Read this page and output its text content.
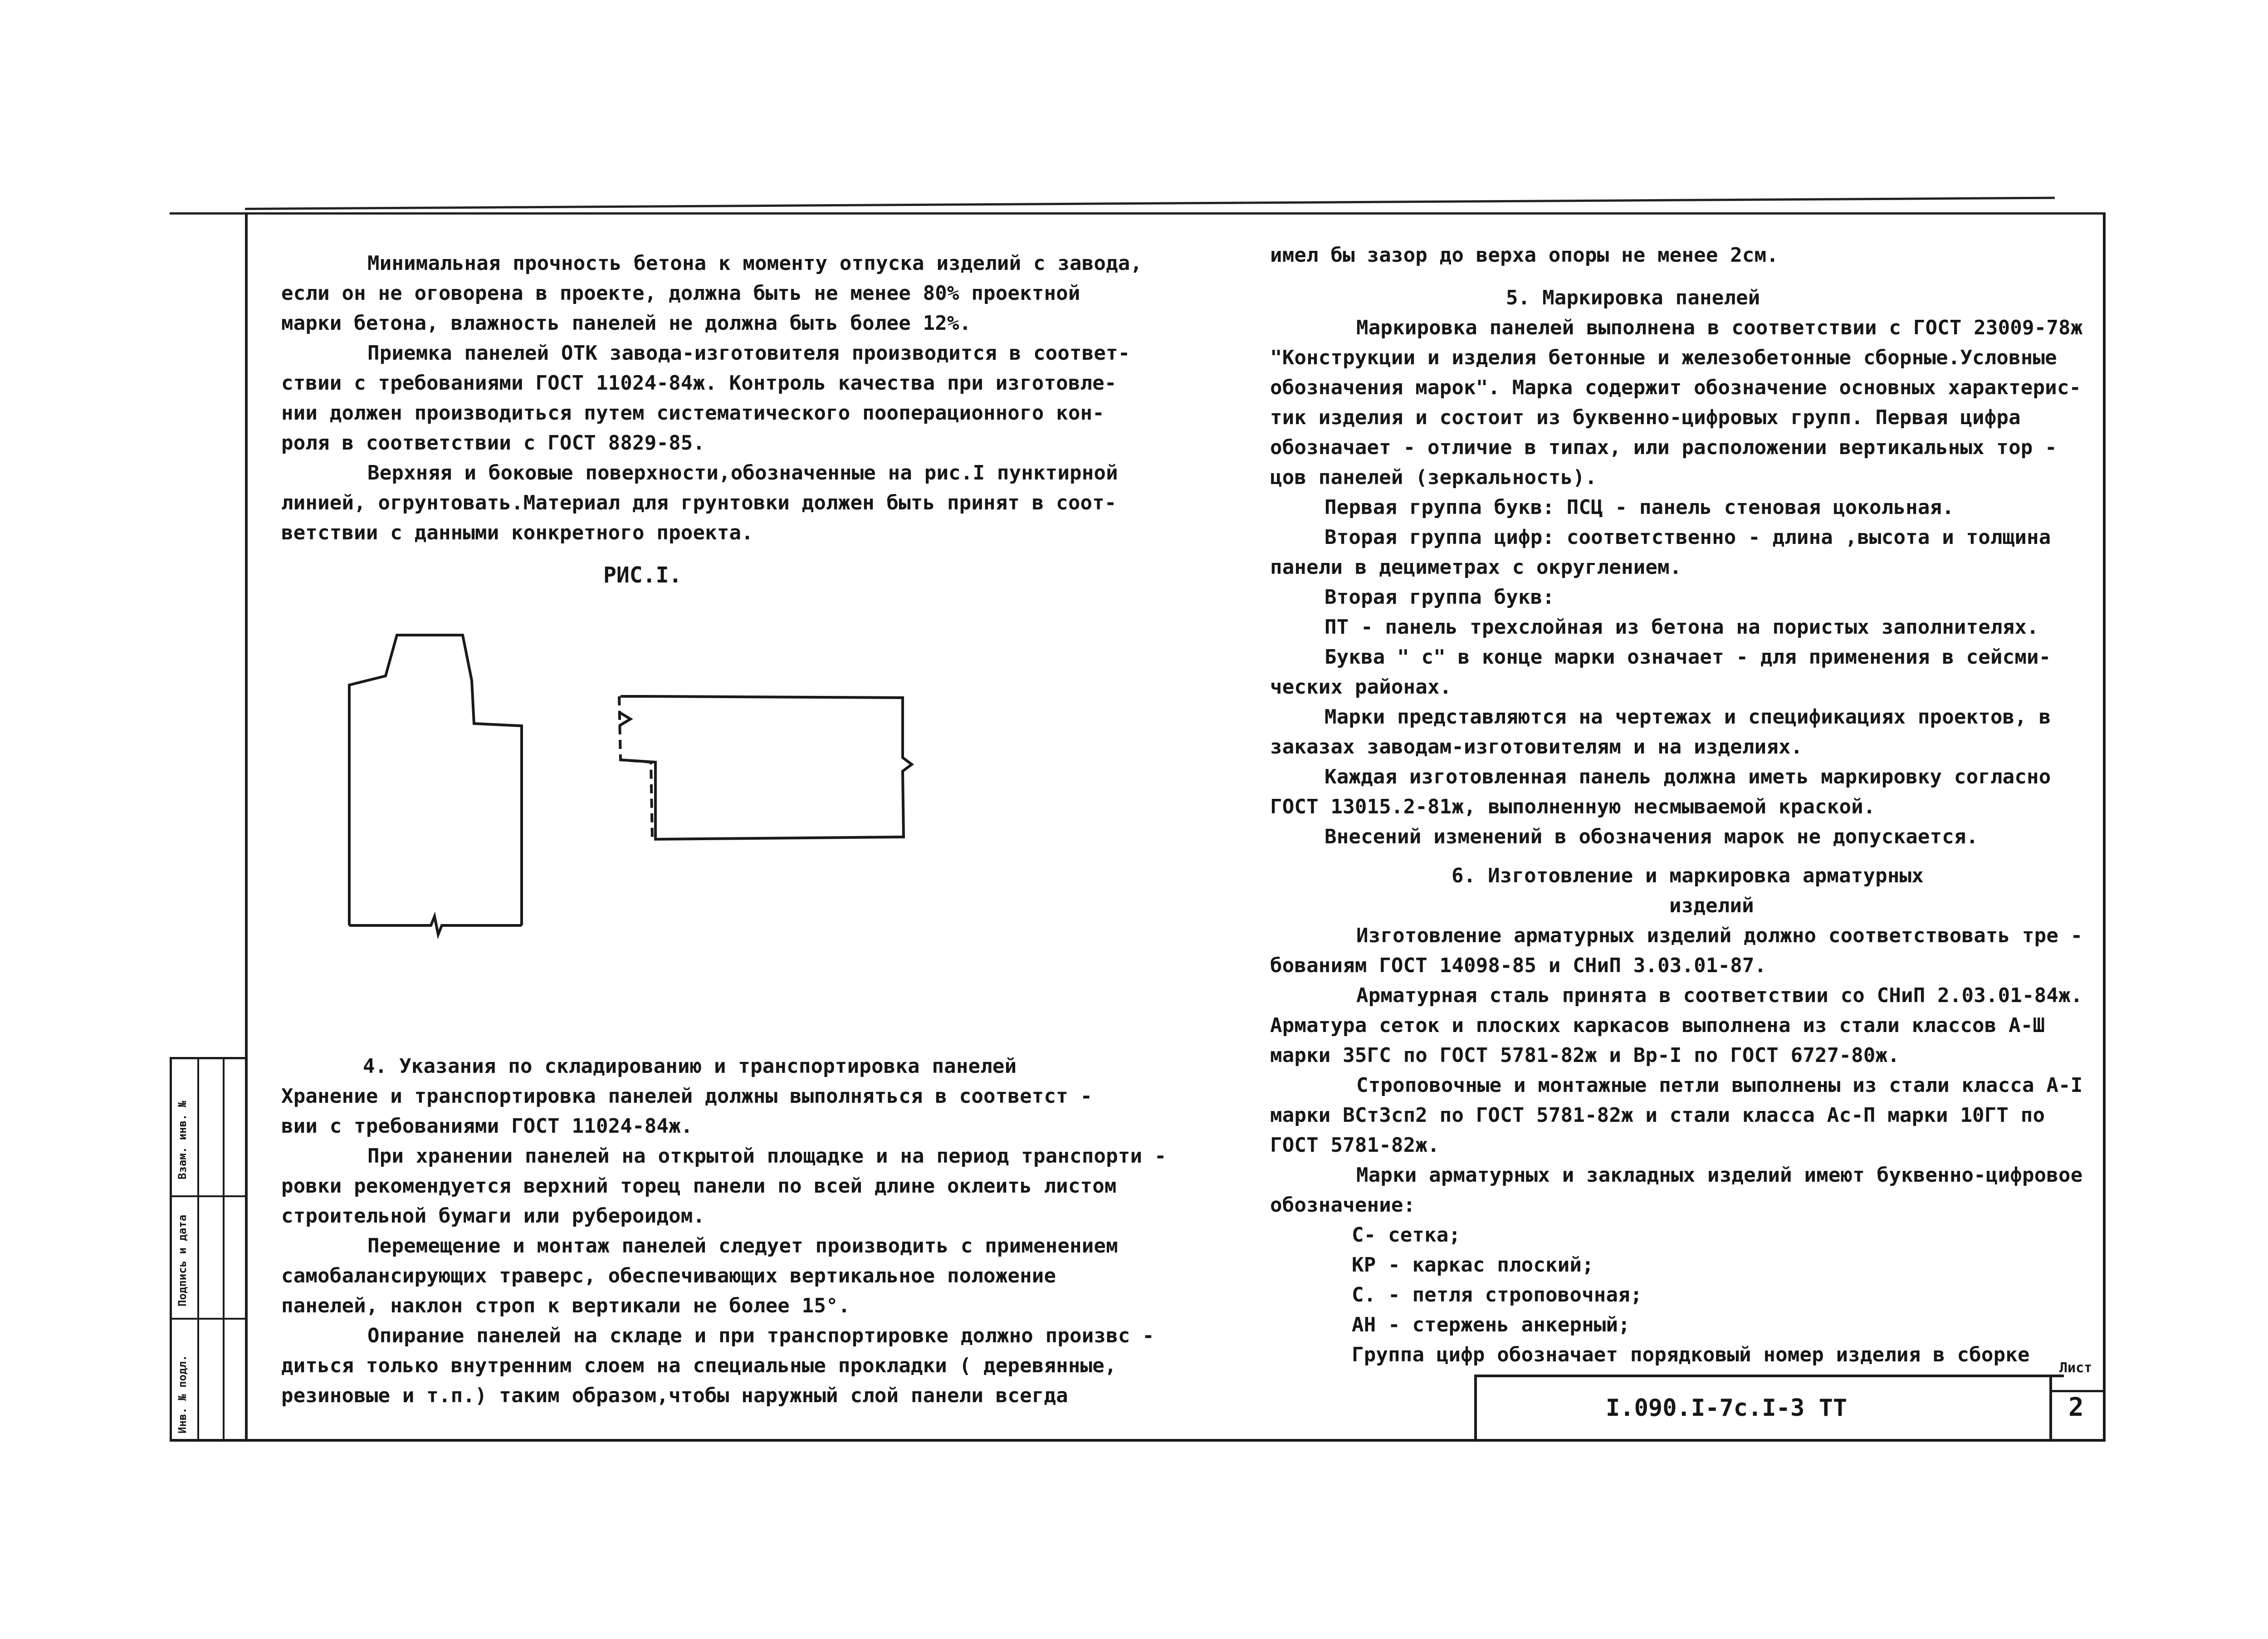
Инв. № подл.
Подпись и дата
Взам. инв. №

Минимальная прочность бетона к моменту отпуска изделий с завода,

если он не оговорена в проекте, должна быть не менее 80% проектной

марки бетона, влажность панелей не должна быть более 12%.

Приемка панелей ОТК завода-изготовителя производится в соответ-

ствии с требованиями ГОСТ 11024-84ж. Контроль качества при изготовле-

нии должен производиться путем систематического пооперационного кон-

роля в соответствии с ГОСТ 8829-85.

Верхняя и боковые поверхности,обозначенные на рис.I пунктирной

линией, огрунтовать.Материал для грунтовки должен быть принят в соот-

ветствии с данными конкретного проекта.

РИС.I.

4. Указания по складированию и транспортировка панелей

Хранение и транспортировка панелей должны выполняться в соответст -

вии с требованиями ГОСТ 11024-84ж.

При хранении панелей на открытой площадке и на период транспорти -

ровки рекомендуется верхний торец панели по всей длине оклеить листом

строительной бумаги или рубероидом.

Перемещение и монтаж панелей следует производить с применением

самобалансирующих траверс, обеспечивающих вертикальное положение

панелей, наклон строп к вертикали не более 15°.

Опирание панелей на складе и при транспортировке должно произвс -

диться только внутренним слоем на специальные прокладки ( деревянные,

резиновые и т.п.) таким образом,чтобы наружный слой панели всегда

имел бы зазор до верха опоры не менее 2см.

5. Маркировка панелей

Маркировка панелей выполнена в соответствии с ГОСТ 23009-78ж

"Конструкции и изделия бетонные и железобетонные сборные.Условные

обозначения марок". Марка содержит обозначение основных характерис-

тик изделия и состоит из буквенно-цифровых групп. Первая цифра

обозначает - отличие в типах, или расположении вертикальных тор -

цов панелей (зеркальность).

Первая группа букв: ПСЦ - панель стеновая цокольная.

Вторая группа цифр: соответственно - длина ,высота и толщина

панели в дециметрах с округлением.

Вторая группа букв:

ПТ - панель трехслойная из бетона на пористых заполнителях.

Буква " с" в конце марки означает - для применения в сейсми-

ческих районах.

Марки представляются на чертежах и спецификациях проектов, в

заказах заводам-изготовителям и на изделиях.

Каждая изготовленная панель должна иметь маркировку согласно

ГОСТ 13015.2-81ж, выполненную несмываемой краской.

Внесений изменений в обозначения марок не допускается.

6. Изготовление и маркировка арматурных

изделий

Изготовление арматурных изделий должно соответствовать тре -

бованиям ГОСТ 14098-85 и СНиП 3.03.01-87.

Арматурная сталь принята в соответствии со СНиП 2.03.01-84ж.

Арматура сеток и плоских каркасов выполнена из стали классов А-Ш

марки 35ГС по ГОСТ 5781-82ж и Вр-I по ГОСТ 6727-80ж.

Строповочные и монтажные петли выполнены из стали класса А-I

марки ВСт3сп2 по ГОСТ 5781-82ж и стали класса Ас-П марки 10ГТ по

ГОСТ 5781-82ж.

Марки арматурных и закладных изделий имеют буквенно-цифровое

обозначение:

С- сетка;

КР - каркас плоский;

С. - петля строповочная;

АН - стержень анкерный;

Группа цифр обозначает порядковый номер изделия в сборке

I.090.I-7с.I-3 ТТ
Лист
2
